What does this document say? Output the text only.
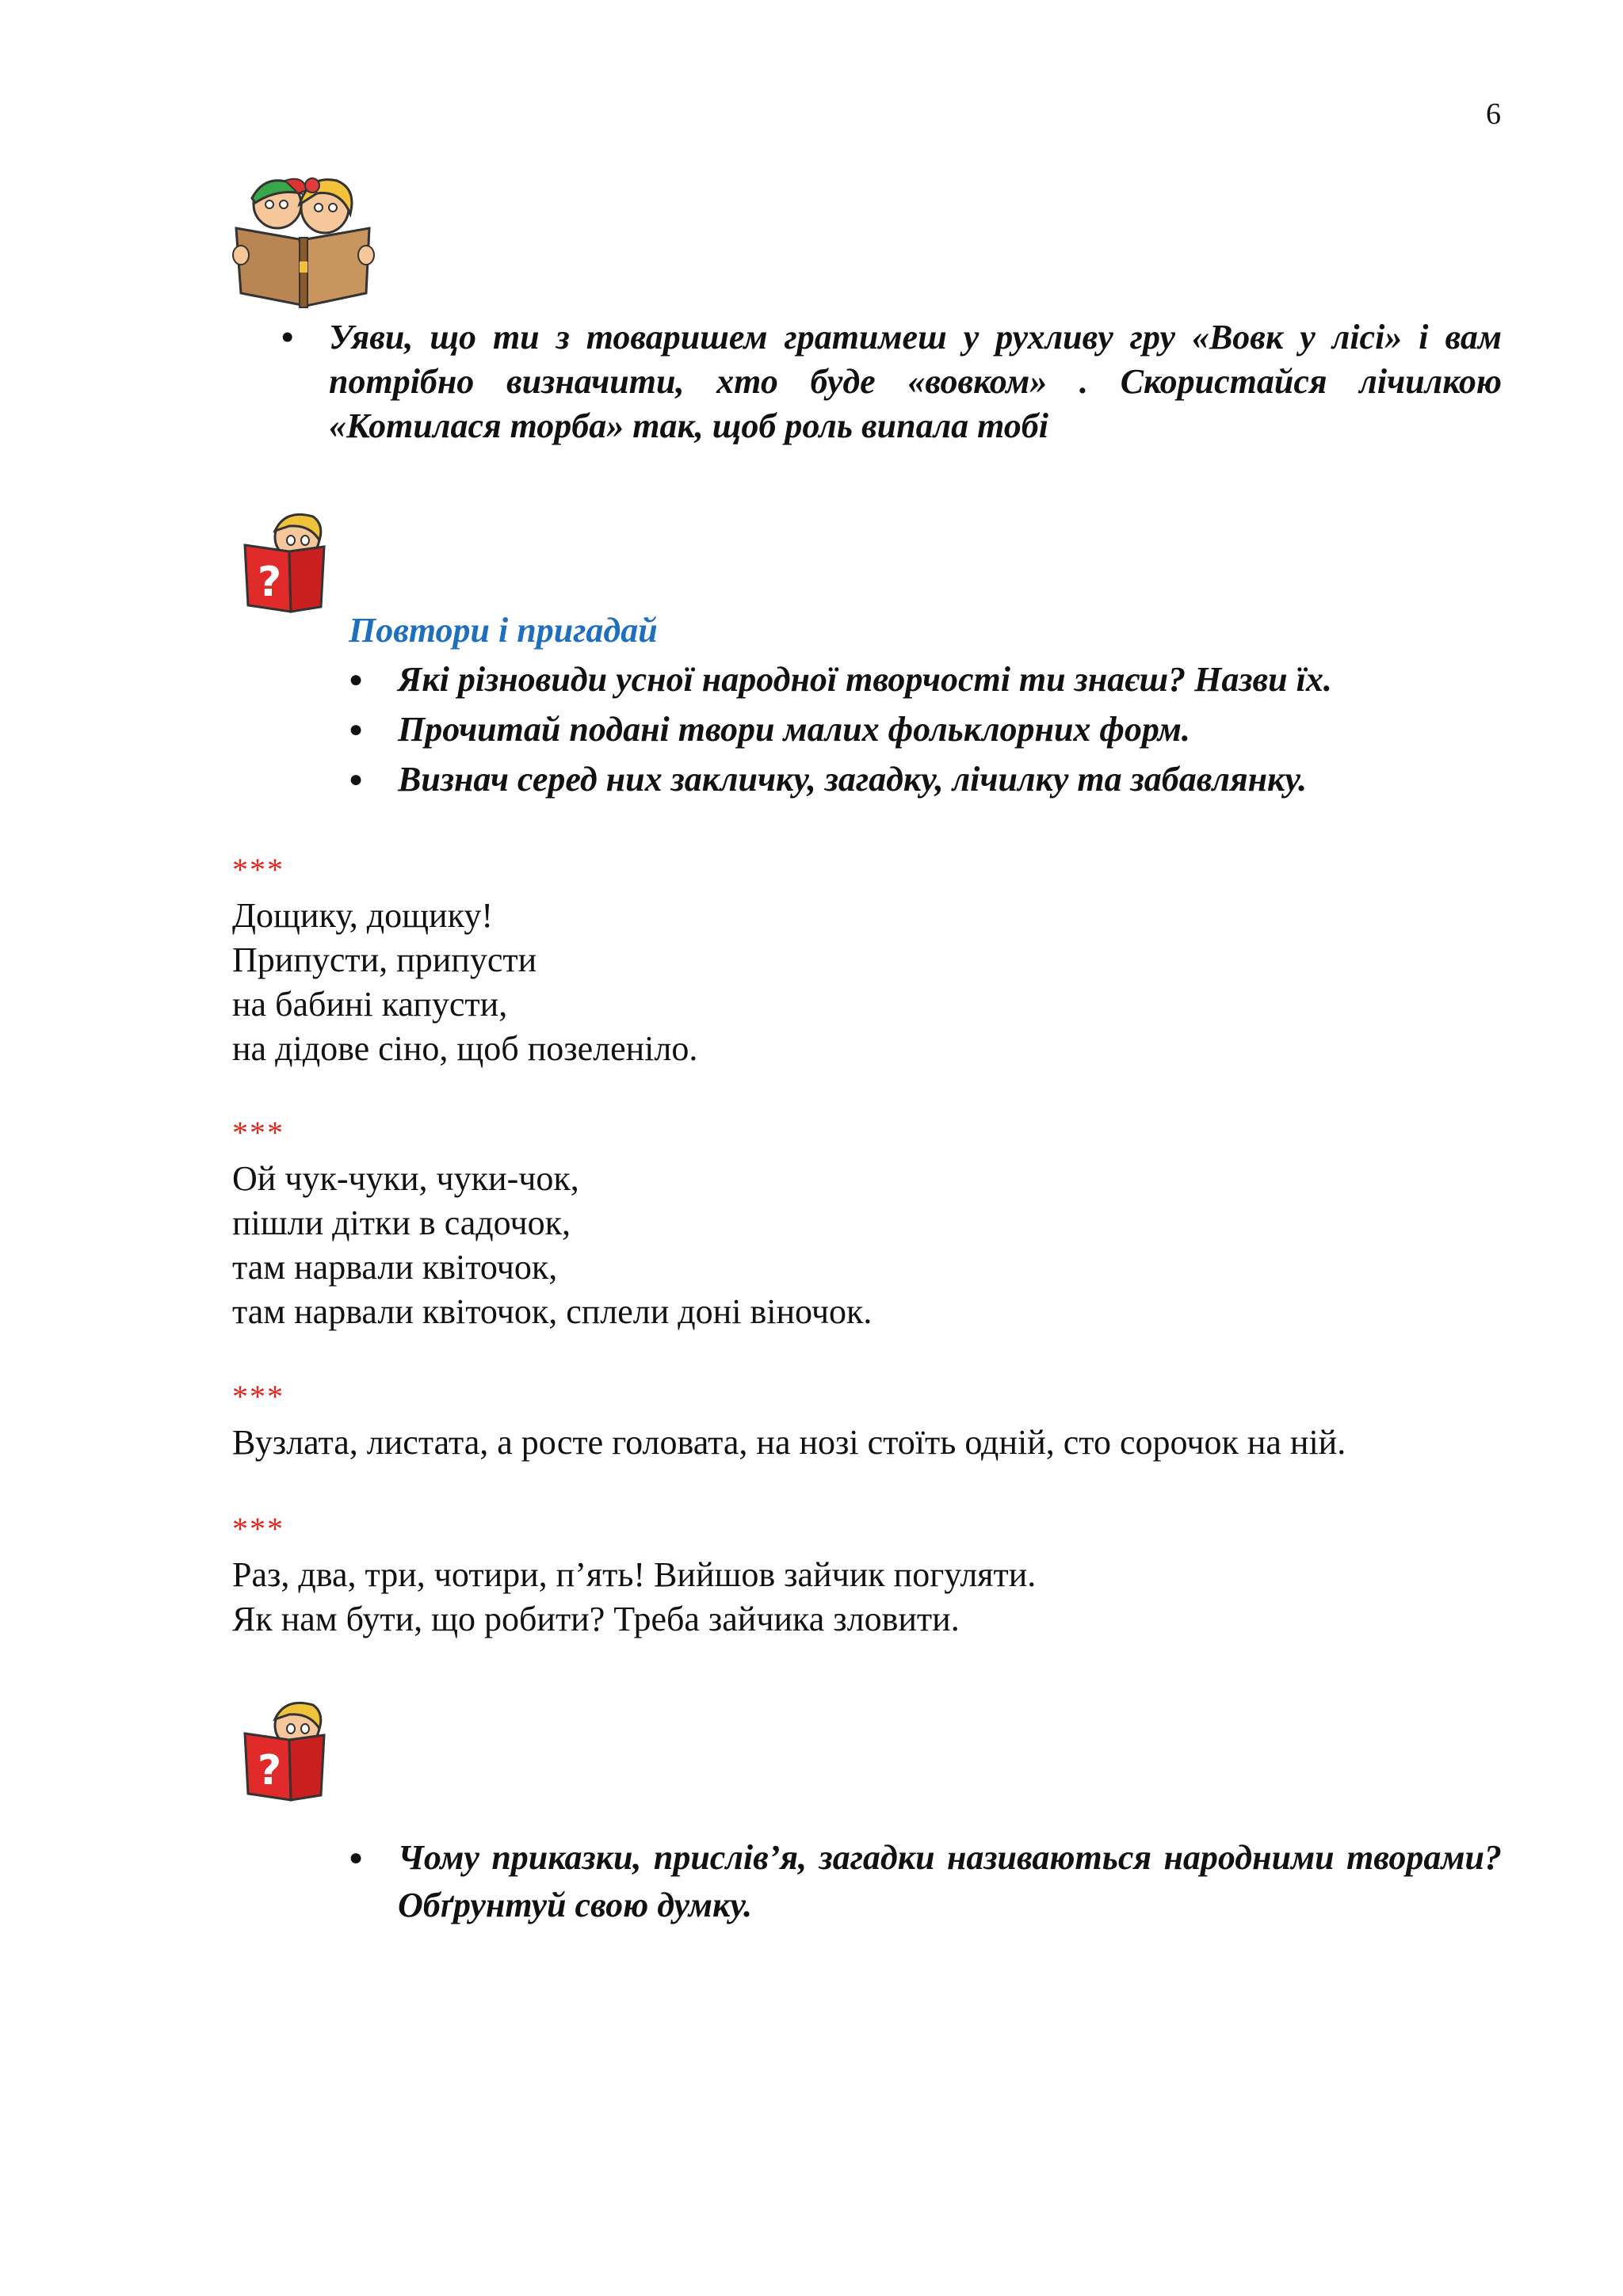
6
• Уяви, що ти з товаришем гратимеш у рухливу гру «Вовк у лісі» і вам потрібно визначити, хто буде «вовком» . Скористайся лічилкою «Котилася торба» так, щоб роль випала тобі
?
Повтори і пригадай
● Які різновиди усної народної творчості ти знаєш? Назви їх.
● Прочитай подані твори малих фольклорних форм.
● Визнач серед них закличку, загадку, лічилку та забавлянку.
***
Дощику, дощику!
Припусти, припусти
на бабині капусти,
на дідове сіно, щоб позеленіло.
***
Ой чук-чуки, чуки-чок,
пішли дітки в садочок,
там нарвали квіточок,
там нарвали квіточок, сплели доні віночок.
***
Вузлата, листата, а росте головата, на нозі стоїть одній, сто сорочок на ній.
***
Раз, два, три, чотири, п’ять! Вийшов зайчик погуляти.
Як нам бути, що робити? Треба зайчика зловити.
?
● Чому приказки, прислів’я, загадки називаються народними творами? Обґрунтуй свою думку.
